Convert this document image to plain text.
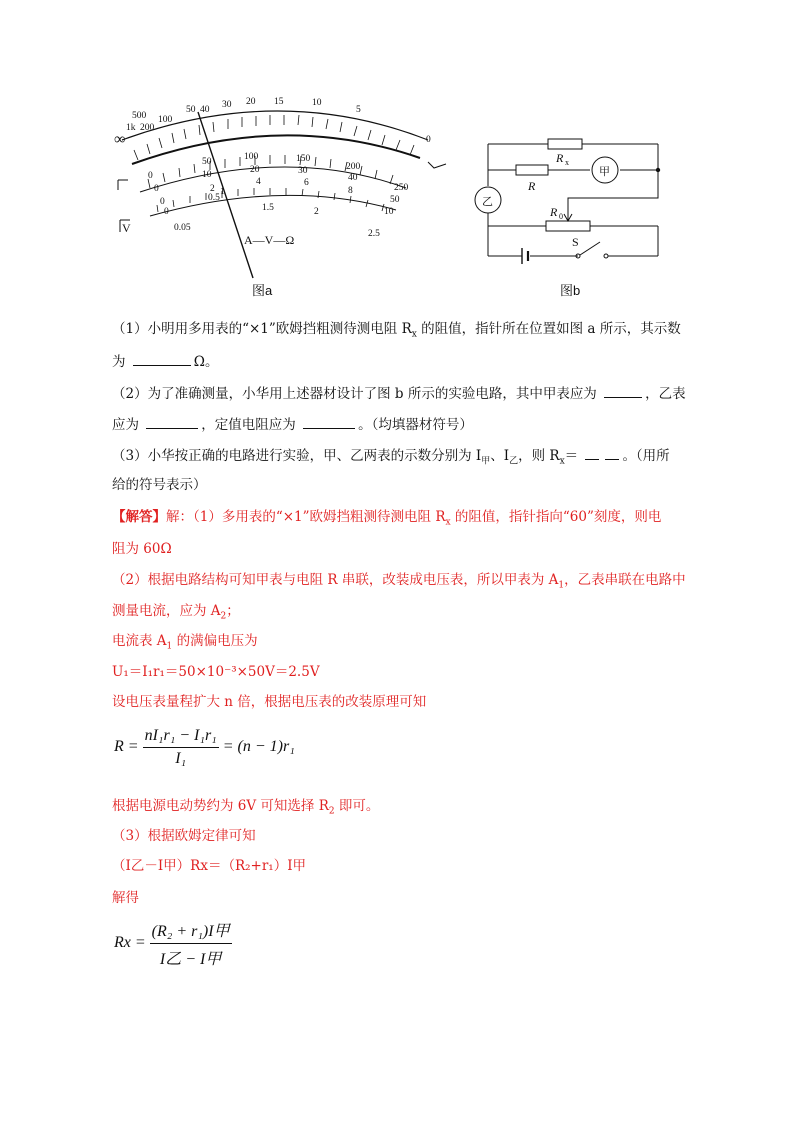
∞
1k
500
200
100
50 40 30 20 15	10
5
0
0
50	100	150
200
250
0
10	20	30
40
50
0
2
4	6
8
10
0
0.5
1
1.5	2
2.5
0.05
V
A—V—Ω
图a
R x
R
甲
乙
R 0
S
图b
（1）小明用多用表的“×1”欧姆挡粗测待测电阻 $R_x$ 的阻值，指针所在位置如图 a 所示，其示数
为	Ω。
（2）为了准确测量，小华用上述器材设计了图 b 所示的实验电路，其中甲表应为	，乙表
应为	，定值电阻应为	。（均填器材符号）
（3）小华按正确的电路进行实验，甲、乙两表的示数分别为 $I_甲$、$I_乙$，则 $R_x=$	。（用所
给的符号表示）
【解答】解：（1）多用表的“×1”欧姆挡粗测待测电阻 $R_x$ 的阻值，指针指向“60”刻度，则电
阻为 60Ω
（2）根据电路结构可知甲表与电阻 R 串联，改装成电压表，所以甲表为 $A_1$，乙表串联在电路中
测量电流，应为 $A_2$；
电流表 $A_1$ 的满偏电压为
U₁＝I₁r₁＝50×10⁻³×50V＝2.5V
设电压表量程扩大 n 倍，根据电压表的改装原理可知
$R = \frac{\text{nI₁r₁ − I₁r₁}}{\text{I₁}} = (n - 1)r_1$
根据电源电动势约为 6V 可知选择 $R_2$ 即可。
（3）根据欧姆定律可知
（I乙－I甲）Rx＝（R₂+r₁）I甲
解得
$Rx = \frac{\text{(R₂ + r₁)I甲}}{\text{I乙 − I甲}}$
